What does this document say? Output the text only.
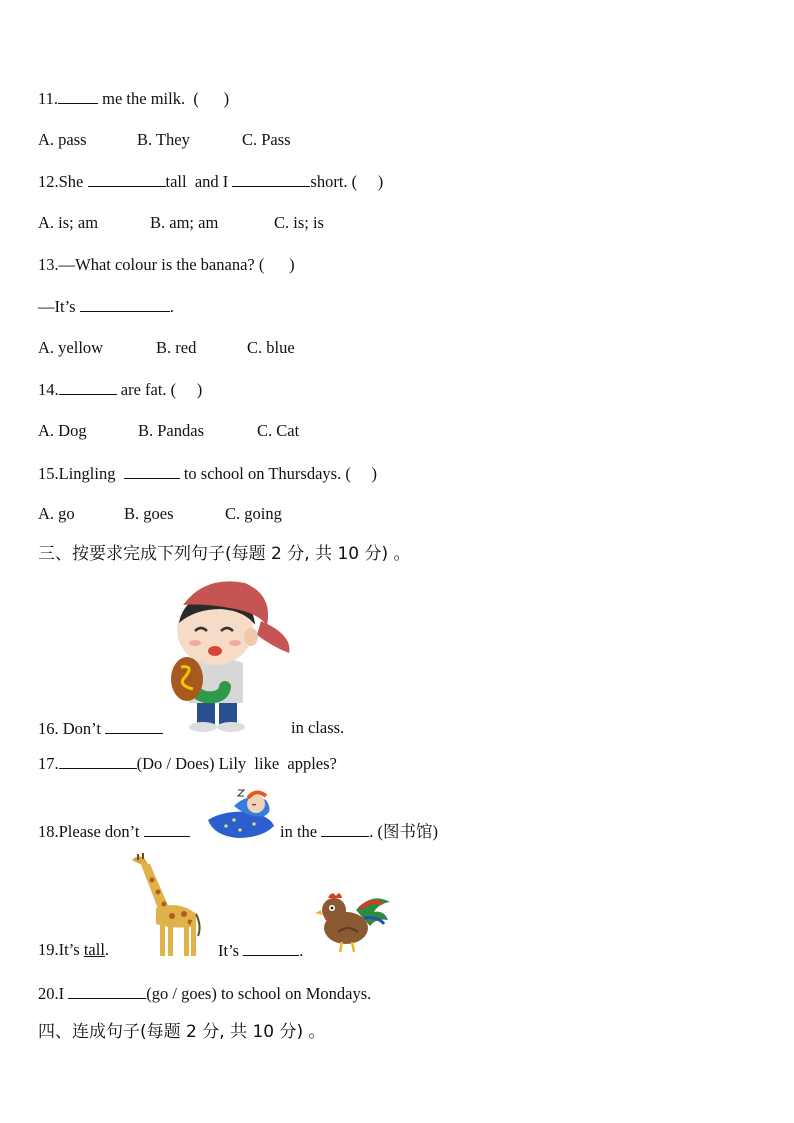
11. me the milk.  (      )
A. pass	B. They	C. Pass
12.She	tall  and I	short. (     )
A. is; am	B. am; am	C. is; is
13.—What colour is the banana? (      )
—It’s	.
A. yellow	B. red	C. blue
14.	are fat. (     )
A. Dog	B. Pandas	C. Cat
15.Lingling	to school on Thursdays. (     )
A. go	B. goes	C. going
三、按要求完成下列句子(每题 2 分, 共 10 分) 。
16. Don’t	in class.
17.	(Do / Does) Lily  like  apples?
18.Please don’t	in the	. (图书馆)
19.It’s tall.	It’s	.
20.I	(go / goes) to school on Mondays.
四、连成句子(每题 2 分, 共 10 分) 。
